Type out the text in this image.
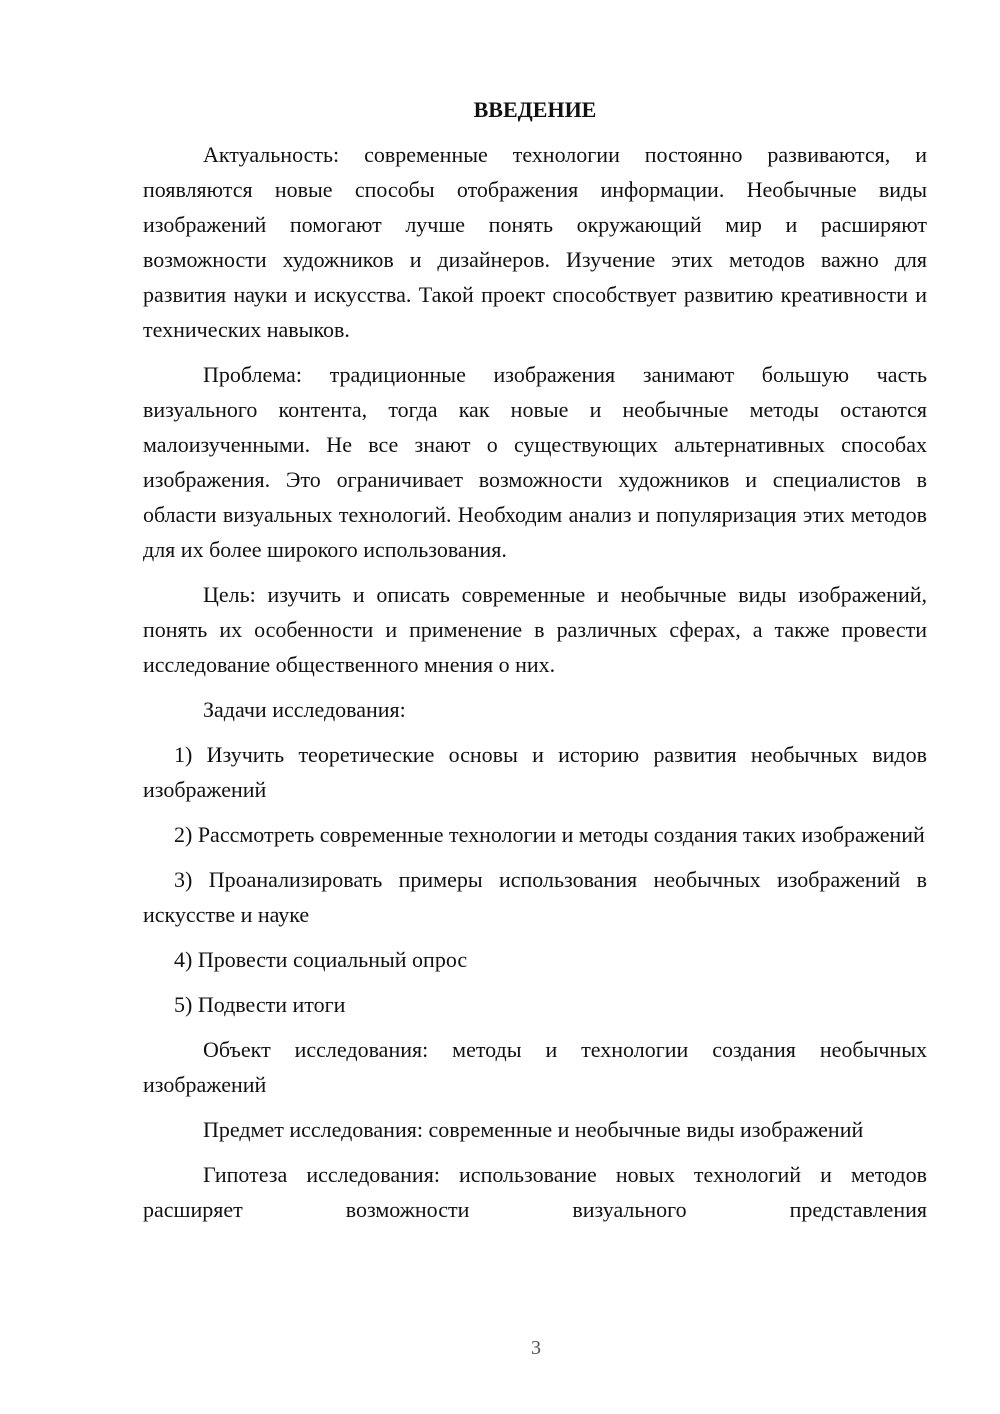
ВВЕДЕНИЕ

Актуальность: современные технологии постоянно развиваются, и появляются новые способы отображения информации. Необычные виды изображений помогают лучше понять окружающий мир и расширяют возможности художников и дизайнеров. Изучение этих методов важно для развития науки и искусства. Такой проект способствует развитию креативности и технических навыков.

Проблема: традиционные изображения занимают большую часть визуального контента, тогда как новые и необычные методы остаются малоизученными. Не все знают о существующих альтернативных способах изображения. Это ограничивает возможности художников и специалистов в области визуальных технологий. Необходим анализ и популяризация этих методов для их более широкого использования.

Цель: изучить и описать современные и необычные виды изображений, понять их особенности и применение в различных сферах, а также провести исследование общественного мнения о них.

Задачи исследования:

1) Изучить теоретические основы и историю развития необычных видов изображений

2) Рассмотреть современные технологии и методы создания таких изображений

3) Проанализировать примеры использования необычных изображений в искусстве и науке

4) Провести социальный опрос

5) Подвести итоги

Объект исследования: методы и технологии создания необычных изображений

Предмет исследования: современные и необычные виды изображений

Гипотеза исследования: использование новых технологий и методов расширяет возможности визуального представления

3
